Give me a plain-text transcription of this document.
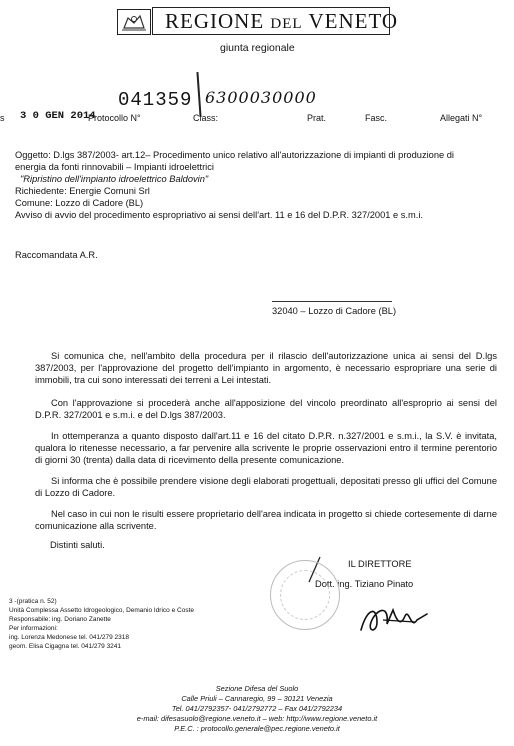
REGIONE DEL VENETO
giunta regionale
041359 6300030000
s 3 0 GEN 2014
Protocollo N°	Class:	Prat.	Fasc.	Allegati N°
Oggetto: D.lgs 387/2003- art.12– Procedimento unico relativo all'autorizzazione di impianti di produzione di
energia da fonti rinnovabili – Impianti idroelettrici
"Ripristino dell'impianto idroelettrico Baldovin"
Richiedente: Energie Comuni Srl
Comune: Lozzo di Cadore (BL)
Avviso di avvio del procedimento espropriativo ai sensi dell'art. 11 e 16 del D.P.R. 327/2001 e s.m.i.
Raccomandata A.R.
32040 – Lozzo di Cadore (BL)
Si comunica che, nell'ambito della procedura per il rilascio dell'autorizzazione unica ai sensi del D.lgs 387/2003, per l'approvazione del progetto dell'impianto in argomento, è necessario espropriare una serie di immobili, tra cui sono interessati dei terreni a Lei intestati.
Con l'approvazione si procederà anche all'apposizione del vincolo preordinato all'esproprio ai sensi del D.P.R. 327/2001 e s.m.i. e del D.lgs 387/2003.
In ottemperanza a quanto disposto dall'art.11 e 16 del citato D.P.R. n.327/2001 e s.m.i., la S.V. è invitata, qualora lo ritenesse necessario, a far pervenire alla scrivente le proprie osservazioni entro il termine perentorio di giorni 30 (trenta) dalla data di ricevimento della presente comunicazione.
Si informa che è possibile prendere visione degli elaborati progettuali, depositati presso gli uffici del Comune di Lozzo di Cadore.
Nel caso in cui non le risulti essere proprietario dell'area indicata in progetto si chiede cortesemente di darne comunicazione alla scrivente.
Distinti saluti.
IL DIRETTORE
Dott. ing. Tiziano Pinato
3 -(pratica n. 52)
Unità Complessa Assetto Idrogeologico, Demanio Idrico e Coste
Responsabile: ing. Doriano Zanette
Per informazioni:
ing. Lorenza Medonese tel. 041/279 2318
geom. Elisa Cigagna tel. 041/279 3241
Sezione Difesa del Suolo
Calle Priuli – Cannaregio, 99 – 30121 Venezia
Tel. 041/2792357- 041/2792772 – Fax 041/2792234
e-mail: difesasuolo@regione.veneto.it – web: http://www.regione.veneto.it
P.E.C. : protocollo.generale@pec.regione.veneto.it
